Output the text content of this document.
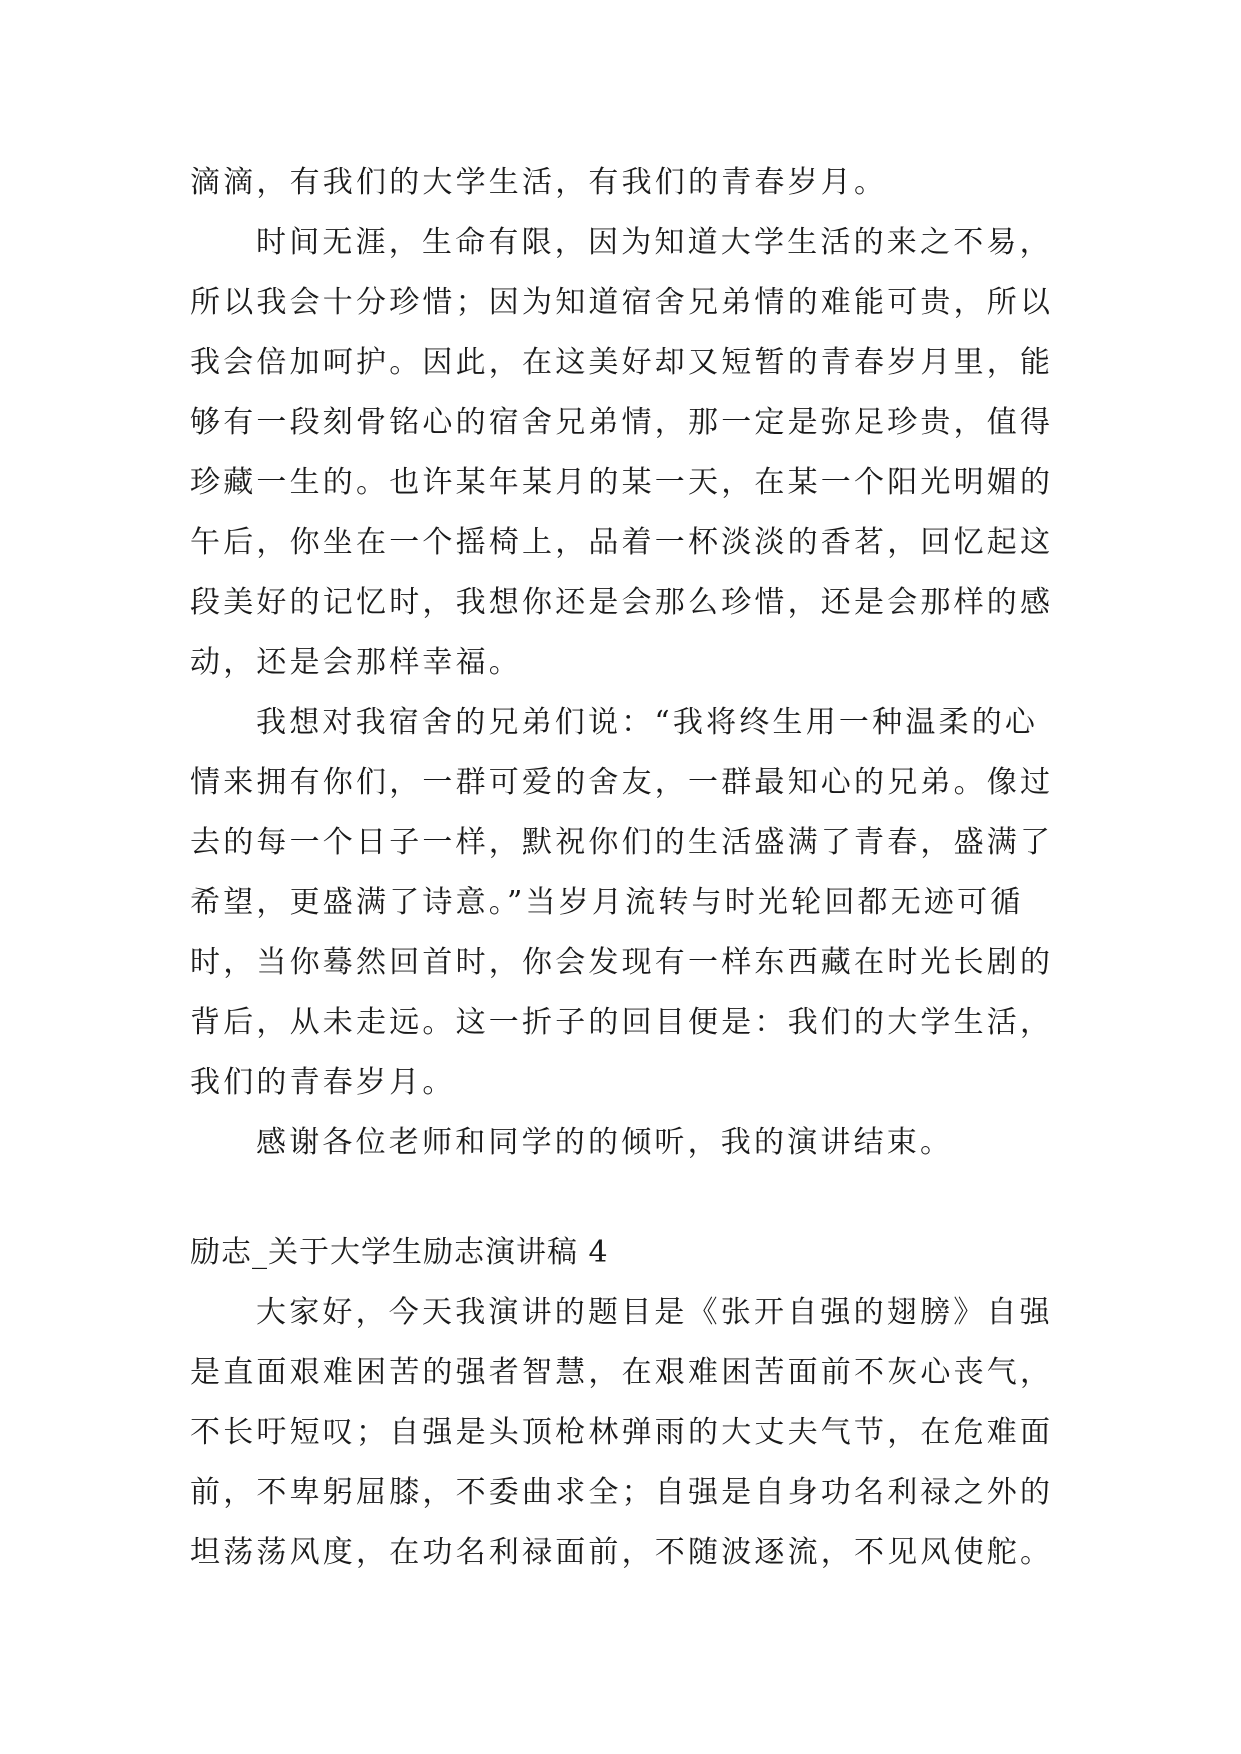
滴滴，有我们的大学生活，有我们的青春岁月。
时间无涯，生命有限，因为知道大学生活的来之不易，
所以我会十分珍惜；因为知道宿舍兄弟情的难能可贵，所以
我会倍加呵护。因此，在这美好却又短暂的青春岁月里，能
够有一段刻骨铭心的宿舍兄弟情，那一定是弥足珍贵，值得
珍藏一生的。也许某年某月的某一天，在某一个阳光明媚的
午后，你坐在一个摇椅上，品着一杯淡淡的香茗，回忆起这
段美好的记忆时，我想你还是会那么珍惜，还是会那样的感
动，还是会那样幸福。
我想对我宿舍的兄弟们说：“我将终生用一种温柔的心
情来拥有你们，一群可爱的舍友，一群最知心的兄弟。像过
去的每一个日子一样，默祝你们的生活盛满了青春，盛满了
希望，更盛满了诗意。”当岁月流转与时光轮回都无迹可循
时，当你蓦然回首时，你会发现有一样东西藏在时光长剧的
背后，从未走远。这一折子的回目便是：我们的大学生活，
我们的青春岁月。
感谢各位老师和同学的的倾听，我的演讲结束。
励志_关于大学生励志演讲稿 4
大家好，今天我演讲的题目是《张开自强的翅膀》自强
是直面艰难困苦的强者智慧，在艰难困苦面前不灰心丧气，
不长吁短叹；自强是头顶枪林弹雨的大丈夫气节，在危难面
前，不卑躬屈膝，不委曲求全；自强是自身功名利禄之外的
坦荡荡风度，在功名利禄面前，不随波逐流，不见风使舵。
